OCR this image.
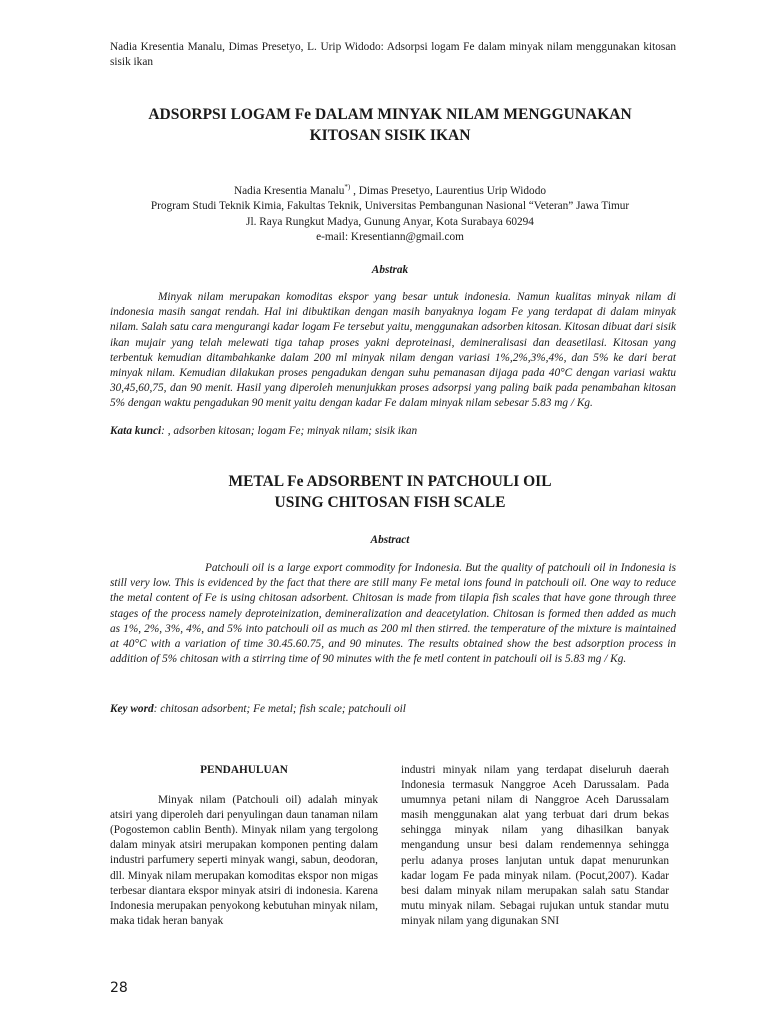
Nadia Kresentia Manalu, Dimas Presetyo, L. Urip Widodo: Adsorpsi logam Fe dalam minyak nilam menggunakan kitosan sisik ikan
ADSORPSI LOGAM Fe DALAM MINYAK NILAM MENGGUNAKAN
KITOSAN SISIK IKAN
Nadia Kresentia Manalu*) , Dimas Presetyo, Laurentius Urip Widodo
Program Studi Teknik Kimia, Fakultas Teknik, Universitas Pembangunan Nasional “Veteran” Jawa Timur
Jl. Raya Rungkut Madya, Gunung Anyar, Kota Surabaya 60294
e-mail: Kresentiann@gmail.com
Abstrak

Minyak nilam merupakan komoditas ekspor yang besar untuk indonesia. Namun kualitas minyak nilam di indonesia masih sangat rendah. Hal ini dibuktikan dengan masih banyaknya logam Fe yang terdapat di dalam minyak nilam. Salah satu cara mengurangi kadar logam Fe tersebut yaitu, menggunakan adsorben kitosan. Kitosan dibuat dari sisik ikan mujair yang telah melewati tiga tahap proses yakni deproteinasi, demineralisasi dan deasetilasi. Kitosan yang terbentuk kemudian ditambahkanke dalam 200 ml minyak nilam dengan variasi 1%,2%,3%,4%, dan 5% ke dari berat minyak nilam. Kemudian dilakukan proses pengadukan dengan suhu pemanasan dijaga pada 40°C dengan variasi waktu 30,45,60,75, dan 90 menit. Hasil yang diperoleh menunjukkan proses adsorpsi yang paling baik pada penambahan kitosan 5% dengan waktu pengadukan 90 menit yaitu dengan kadar Fe dalam minyak nilam sebesar 5.83 mg / Kg.

Kata kunci: , adsorben kitosan; logam Fe; minyak nilam; sisik ikan
METAL Fe ADSORBENT IN PATCHOULI OIL
USING CHITOSAN FISH SCALE
Abstract

Patchouli oil is a large export commodity for Indonesia. But the quality of patchouli oil in Indonesia is still very low. This is evidenced by the fact that there are still many Fe metal ions found in patchouli oil. One way to reduce the metal content of Fe is using chitosan adsorbent. Chitosan is made from tilapia fish scales that have gone through three stages of the process namely deproteinization, demineralization and deacetylation. Chitosan is formed then added as much as 1%, 2%, 3%, 4%, and 5% into patchouli oil as much as 200 ml then stirred. the temperature of the mixture is maintained at 40°C with a variation of time 30.45.60.75, and 90 minutes. The results obtained show the best adsorption process in addition of 5% chitosan with a stirring time of 90 minutes with the fe metl content in patchouli oil is 5.83 mg / Kg.

Key word: chitosan adsorbent; Fe metal; fish scale; patchouli oil
PENDAHULUAN

Minyak nilam (Patchouli oil) adalah minyak atsiri yang diperoleh dari penyulingan daun tanaman nilam (Pogostemon cablin Benth). Minyak nilam yang tergolong dalam minyak atsiri merupakan komponen penting dalam industri parfumery seperti minyak wangi, sabun, deodoran, dll. Minyak nilam merupakan komoditas ekspor non migas terbesar diantara ekspor minyak atsiri di indonesia. Karena Indonesia merupakan penyokong kebutuhan minyak nilam, maka tidak heran banyak

industri minyak nilam yang terdapat diseluruh daerah Indonesia termasuk Nanggroe Aceh Darussalam. Pada umumnya petani nilam di Nanggroe Aceh Darussalam masih menggunakan alat yang terbuat dari drum bekas sehingga minyak nilam yang dihasilkan banyak mengandung unsur besi dalam rendemennya sehingga perlu adanya proses lanjutan untuk dapat menurunkan kadar logam Fe pada minyak nilam. (Pocut,2007). Kadar besi dalam minyak nilam merupakan salah satu Standar mutu minyak nilam. Sebagai rujukan untuk standar mutu minyak nilam yang digunakan SNI

28
